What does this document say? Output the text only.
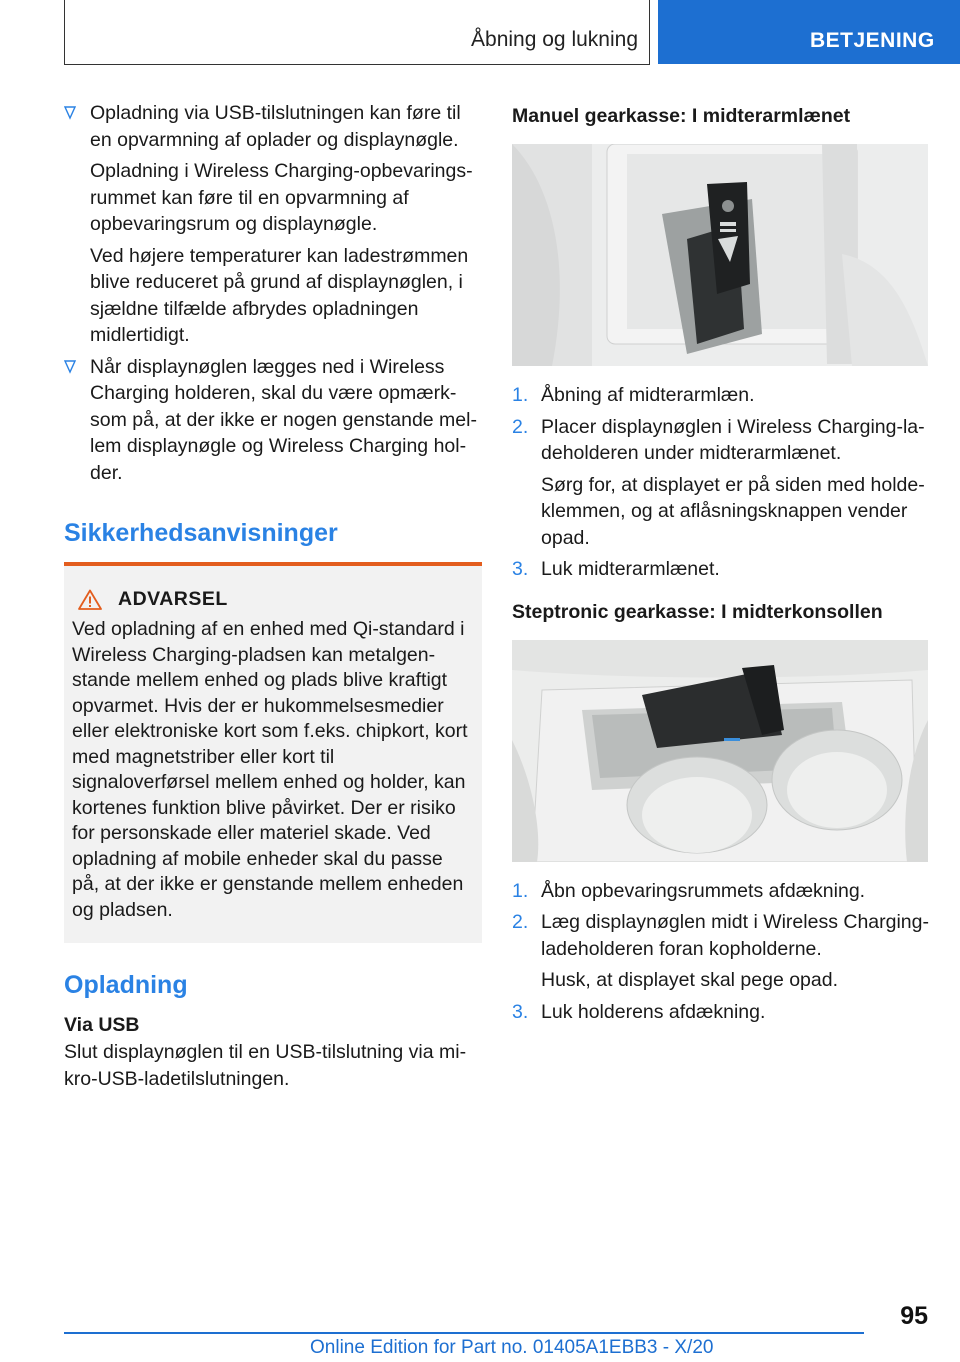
Åbning og lukning	BETJENING

Opladning via USB-tilslutningen kan føre til en opvarmning af oplader og displaynøgle.

Opladning i Wireless Charging-opbevaringsrummet kan føre til en opvarmning af opbevaringsrum og displaynøgle.

Ved højere temperaturer kan ladestrømmen blive reduceret på grund af displaynøglen, i sjældne tilfælde afbrydes opladningen midlertidigt.

Når displaynøglen lægges ned i Wireless Charging holderen, skal du være opmærksom på, at der ikke er nogen genstande mellem displaynøgle og Wireless Charging holder.

Sikkerhedsanvisninger
ADVARSEL
Ved opladning af en enhed med Qi-standard i Wireless Charging-pladsen kan metalgenstande mellem enhed og plads blive kraftigt opvarmet. Hvis der er hukommelsesmedier eller elektroniske kort som f.eks. chipkort, kort med magnetstriber eller kort til signaloverførsel mellem enhed og holder, kan kortenes funktion blive påvirket. Der er risiko for personskade eller materiel skade. Ved opladning af mobile enheder skal du passe på, at der ikke er genstande mellem enheden og pladsen.
Opladning
Via USB
Slut displaynøglen til en USB-tilslutning via mikro-USB-ladetilslutningen.
Manuel gearkasse: I midterarmlænet
1. Åbning af midterarmlæn.

2. Placer displaynøglen i Wireless Charging-ladeholderen under midterarmlænet.

Sørg for, at displayet er på siden med holdeklemmen, og at aflåsningsknappen vender opad.

3. Luk midterarmlænet.

Steptronic gearkasse: I midterkonsollen
1. Åbn opbevaringsrummets afdækning.

2. Læg displaynøglen midt i Wireless Charging-ladeholderen foran kopholderne.

Husk, at displayet skal pege opad.

3. Luk holderens afdækning.

95
Online Edition for Part no. 01405A1EBB3 - X/20
